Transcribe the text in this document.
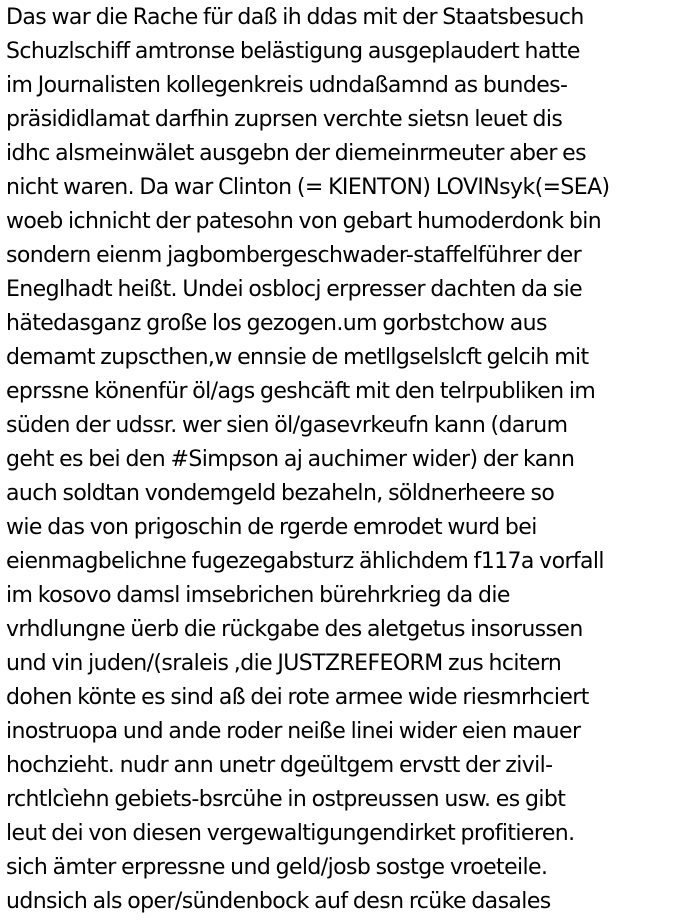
Das war die Rache für daß ih ddas mit der Staatsbesuch
Schuzlschiff amtronse belästigung ausgeplaudert hatte
im Journalisten kollegenkreis udndaßamnd as bundes-
präsididlamat darfhin zuprsen verchte sietsn leuet dis
idhc alsmeinwälet ausgebn der diemeinrmeuter aber es
nicht waren. Da war Clinton (= KIENTON) LOVINsyk(=SEA)
woeb ichnicht der patesohn von gebart humoderdonk bin
sondern eienm jagbombergeschwader-staffelführer der
Eneglhadt heißt. Undei osblocj erpresser dachten da sie
hätedasganz große los gezogen.um gorbstchow aus
demamt zupscthen,w ennsie de metllgselslcft gelcih mit
eprssne könenfür öl/ags geshcäft mit den telrpubliken im
süden der udssr. wer sien öl/gasevrkeufn kann (darum
geht es bei den #Simpson aj auchimer wider) der kann
auch soldtan vondemgeld bezaheln, söldnerheere so
wie das von prigoschin de rgerde emrodet wurd bei
eienmagbelichne fugezegabsturz ählichdem f117a vorfall
im kosovo damsl imsebrichen bürehrkrieg da die
vrhdlungne üerb die rückgabe des aletgetus insorussen
und vin juden/(sraleis ,die JUSTZREFEORM zus hcitern
dohen könte es sind aß dei rote armee wide riesmrhciert
inostruopa und ande roder neiße linei wider eien mauer
hochzieht. nudr ann unetr dgeültgem ervstt der zivil-
rchtlcìehn gebiets-bsrcühe in ostpreussen usw. es gibt
leut dei von diesen vergewaltigungendirket profitieren.
sich ämter erpressne und geld/josb sostge vroeteile.
udnsich als oper/sündenbock auf desn rcüke dasales
